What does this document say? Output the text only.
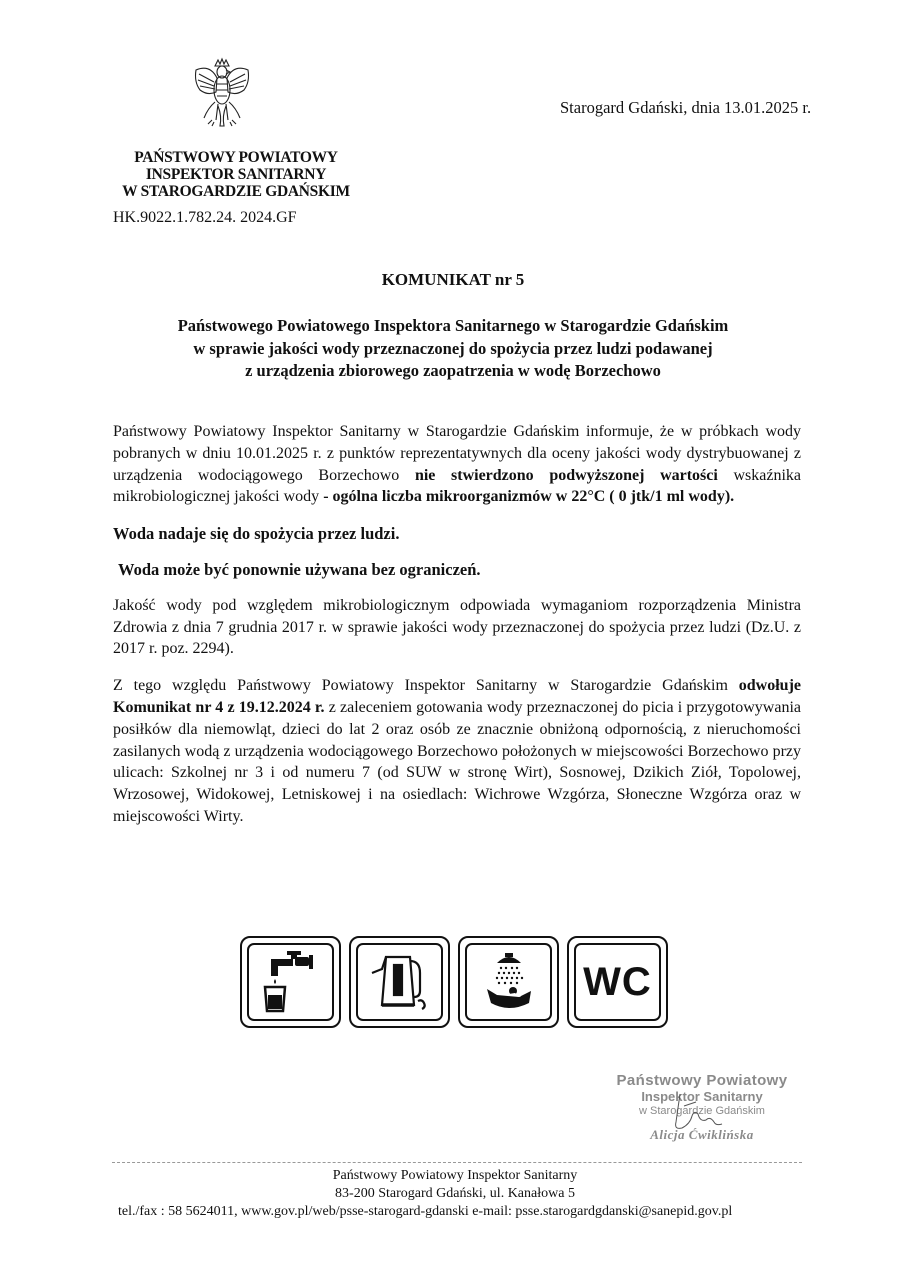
Starogard Gdański, dnia 13.01.2025 r.
PAŃSTWOWY POWIATOWY
INSPEKTOR SANITARNY
W STAROGARDZIE GDAŃSKIM
HK.9022.1.782.24. 2024.GF
KOMUNIKAT nr 5
Państwowego Powiatowego Inspektora Sanitarnego w Starogardzie Gdańskim
w sprawie jakości wody przeznaczonej do spożycia przez ludzi podawanej
z urządzenia zbiorowego zaopatrzenia w wodę Borzechowo

Państwowy Powiatowy Inspektor Sanitarny w Starogardzie Gdańskim informuje, że w próbkach wody pobranych w dniu 10.01.2025 r. z punktów reprezentatywnych dla oceny jakości wody dystrybuowanej z urządzenia wodociągowego Borzechowo nie stwierdzono podwyższonej wartości wskaźnika mikrobiologicznej jakości wody - ogólna liczba mikroorganizmów w 22°C ( 0 jtk/1 ml wody).

Woda nadaje się do spożycia przez ludzi.

Woda może być ponownie używana bez ograniczeń.

Jakość wody pod względem mikrobiologicznym odpowiada wymaganiom rozporządzenia Ministra Zdrowia z dnia 7 grudnia 2017 r. w sprawie jakości wody przeznaczonej do spożycia przez ludzi (Dz.U. z 2017 r. poz. 2294).

Z tego względu Państwowy Powiatowy Inspektor Sanitarny w Starogardzie Gdańskim odwołuje Komunikat nr 4 z 19.12.2024 r. z zaleceniem gotowania wody przeznaczonej do picia i przygotowywania posiłków dla niemowląt, dzieci do lat 2 oraz osób ze znacznie obniżoną odpornością, z nieruchomości zasilanych wodą z urządzenia wodociągowego Borzechowo położonych w miejscowości Borzechowo przy ulicach: Szkolnej nr 3 i od numeru 7 (od SUW w stronę Wirt), Sosnowej, Dzikich Ziół, Topolowej, Wrzosowej, Widokowej, Letniskowej i na osiedlach: Wichrowe Wzgórza, Słoneczne Wzgórza oraz w miejscowości Wirty.

WC
Państwowy Powiatowy
Inspektor Sanitarny
w Starogardzie Gdańskim
Alicja Ćwiklińska
Państwowy Powiatowy Inspektor Sanitarny
83-200 Starogard Gdański, ul. Kanałowa 5
tel./fax : 58 5624011, www.gov.pl/web/psse-starogard-gdanski e-mail: psse.starogardgdanski@sanepid.gov.pl
